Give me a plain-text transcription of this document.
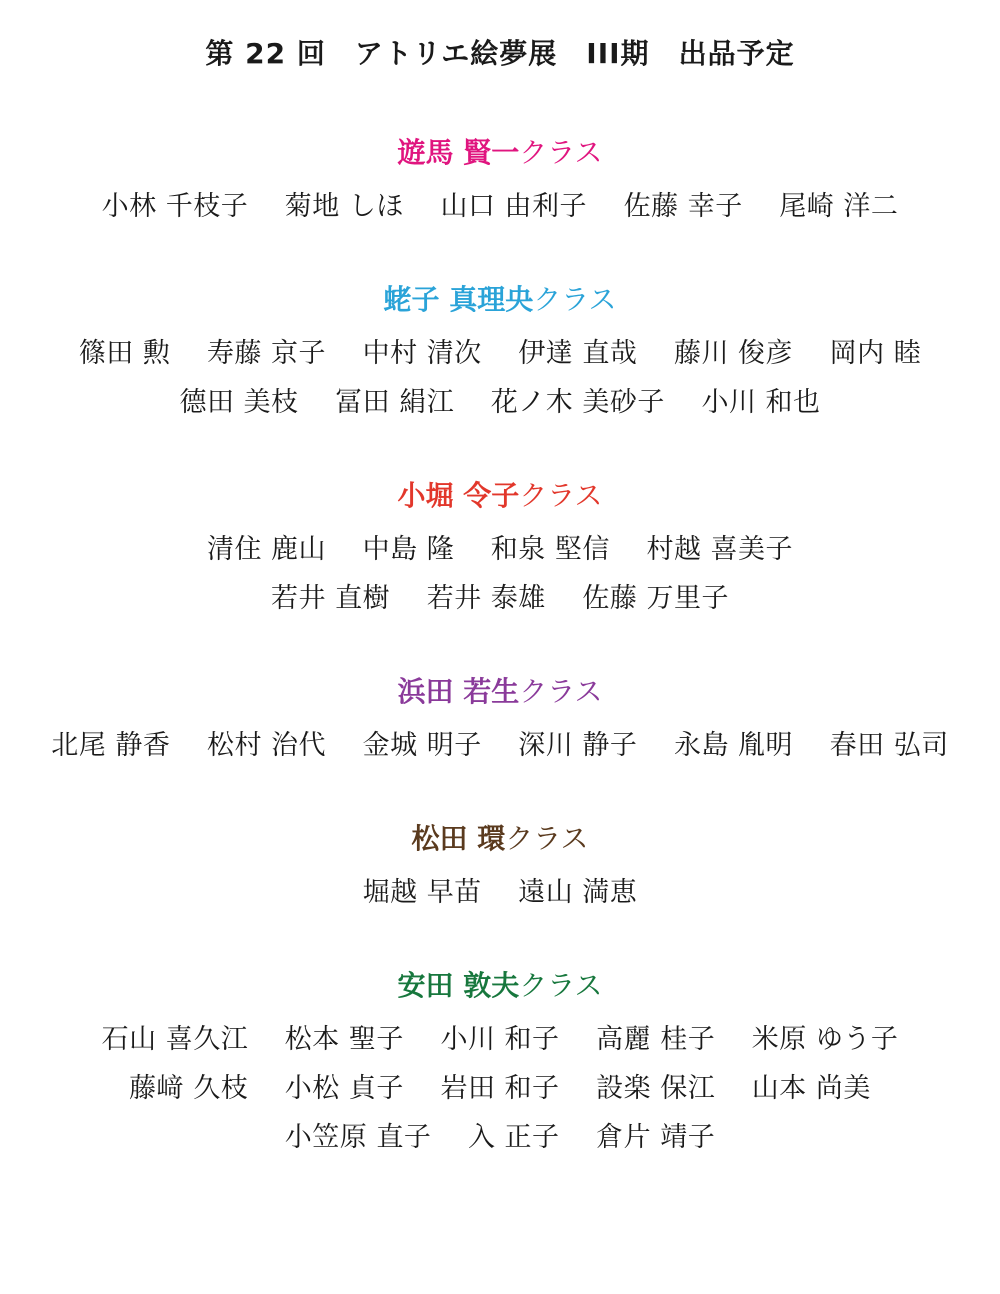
第 22 回　アトリエ絵夢展　III期　出品予定
遊馬 賢一クラス
小林 千枝子　 菊地 しほ　 山口 由利子　 佐藤 幸子　 尾崎 洋二
蛯子 真理央クラス
篠田 勲　 寿藤 京子　 中村 清次　 伊達 直哉　 藤川 俊彦　 岡内 睦
德田 美枝　 冨田 絹江　 花ノ木 美砂子　 小川 和也
小堀 令子クラス
清住 鹿山　 中島 隆　 和泉 堅信　 村越 喜美子
若井 直樹　 若井 泰雄　 佐藤 万里子
浜田 若生クラス
北尾 静香　 松村 治代　 金城 明子　 深川 静子　 永島 胤明　 春田 弘司
松田 環クラス
堀越 早苗　 遠山 満恵
安田 敦夫クラス
石山 喜久江　 松本 聖子　 小川 和子　 高麗 桂子　 米原 ゆう子
藤﨑 久枝　 小松 貞子　 岩田 和子　 設楽 保江　 山本 尚美
小笠原 直子　 入 正子　 倉片 靖子
